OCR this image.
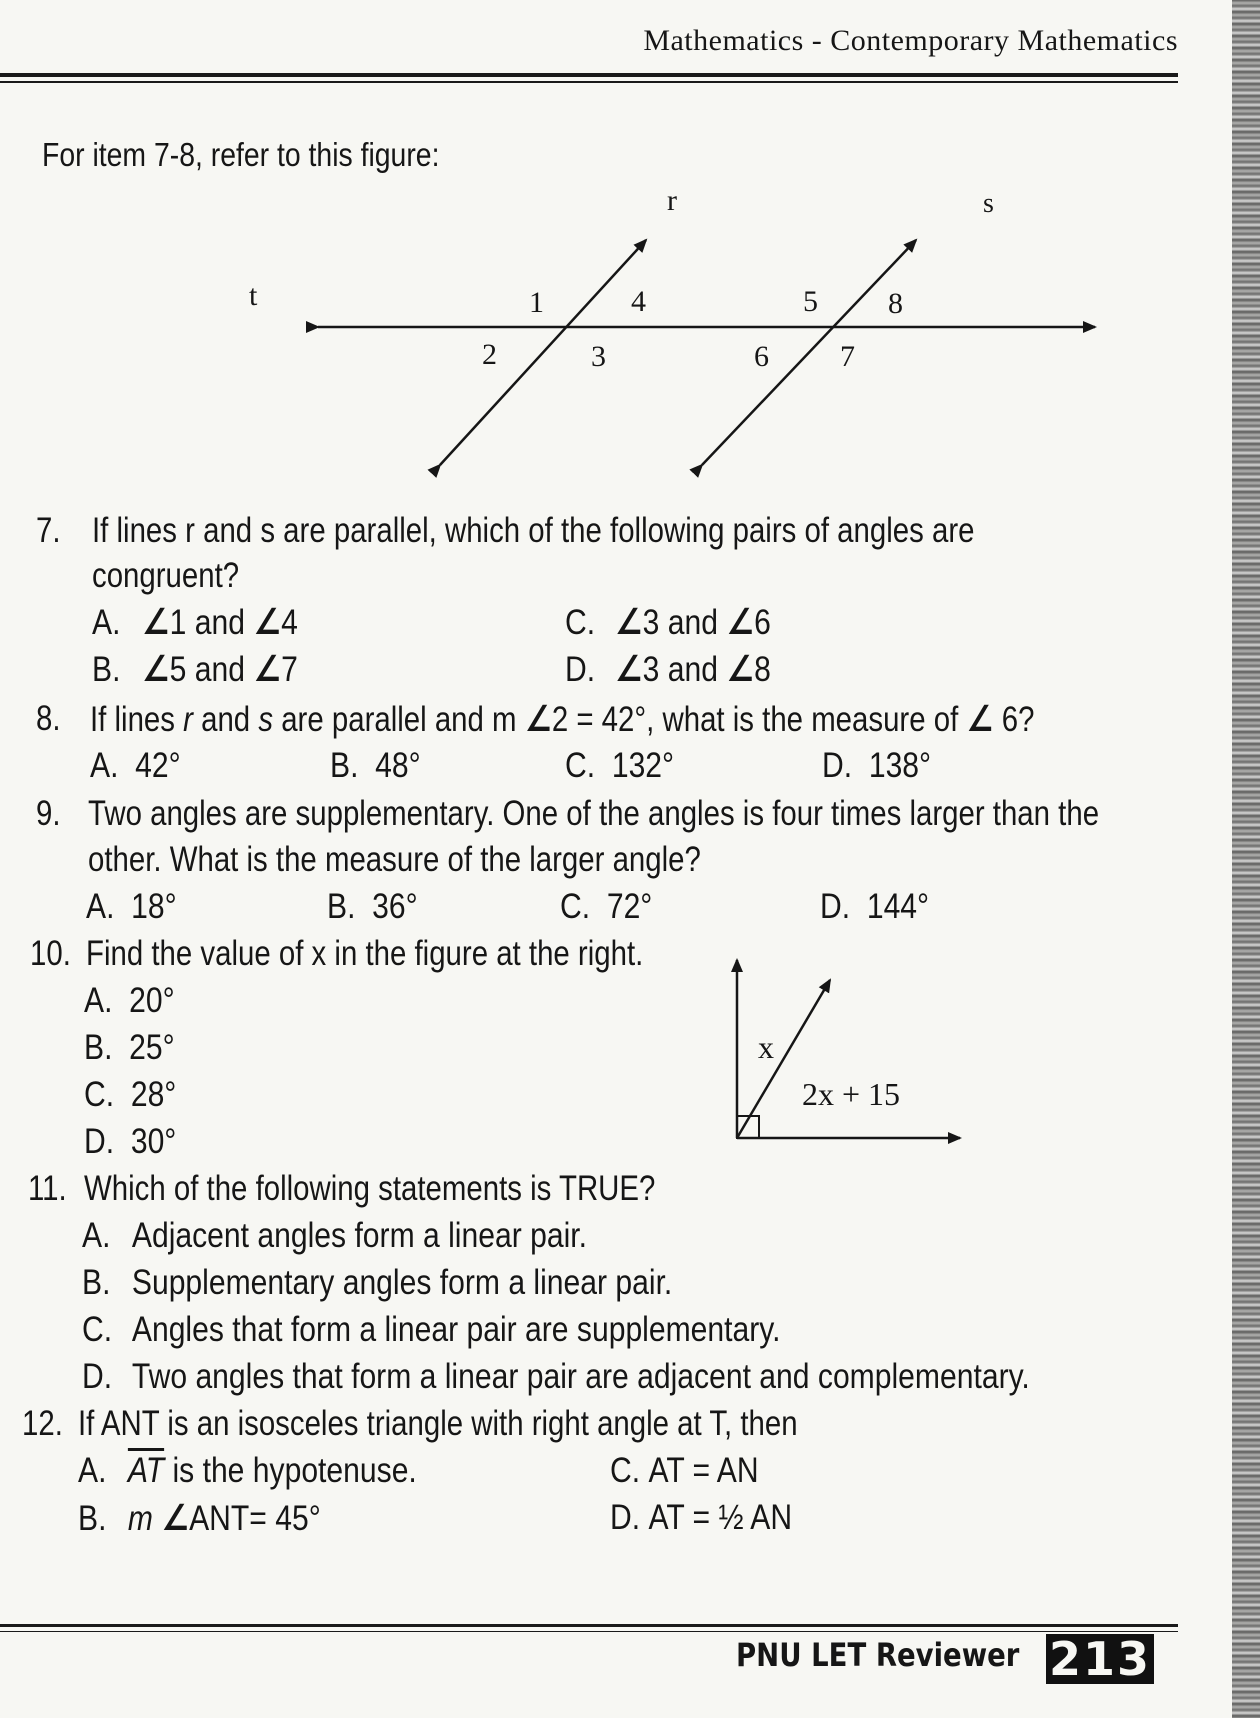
Mathematics - Contemporary Mathematics
For item 7-8, refer to this figure:
r	s
t	1
2	3
4	5
6 7
8
7. If lines r and s are parallel, which of the following pairs of angles are
congruent?
A. ∠1 and ∠4
B. ∠5 and ∠7
C. ∠3 and ∠6
D. ∠3 and ∠8
8. If lines r and s are parallel and m ∠2 = 42°, what is the measure of ∠ 6?
A. 42°	B. 48°	C. 132°	D. 138°
9. Two angles are supplementary. One of the angles is four times larger than the
other. What is the measure of the larger angle?
A. 18°	B. 36°	C. 72°	D. 144°
10. Find the value of x in the figure at the right.
A. 20°
B. 25°
C. 28°
D. 30°
x
2x + 15
11. Which of the following statements is TRUE?
A. Adjacent angles form a linear pair.
B. Supplementary angles form a linear pair.
C. Angles that form a linear pair are supplementary.
D. Two angles that form a linear pair are adjacent and complementary.
12. If ANT is an isosceles triangle with right angle at T, then
A. $\overline{AT}$ is the hypotenuse.
B. m ∠ANT= 45°
C. AT = AN
D. AT = ½ AN
PNU LET Reviewer 213
